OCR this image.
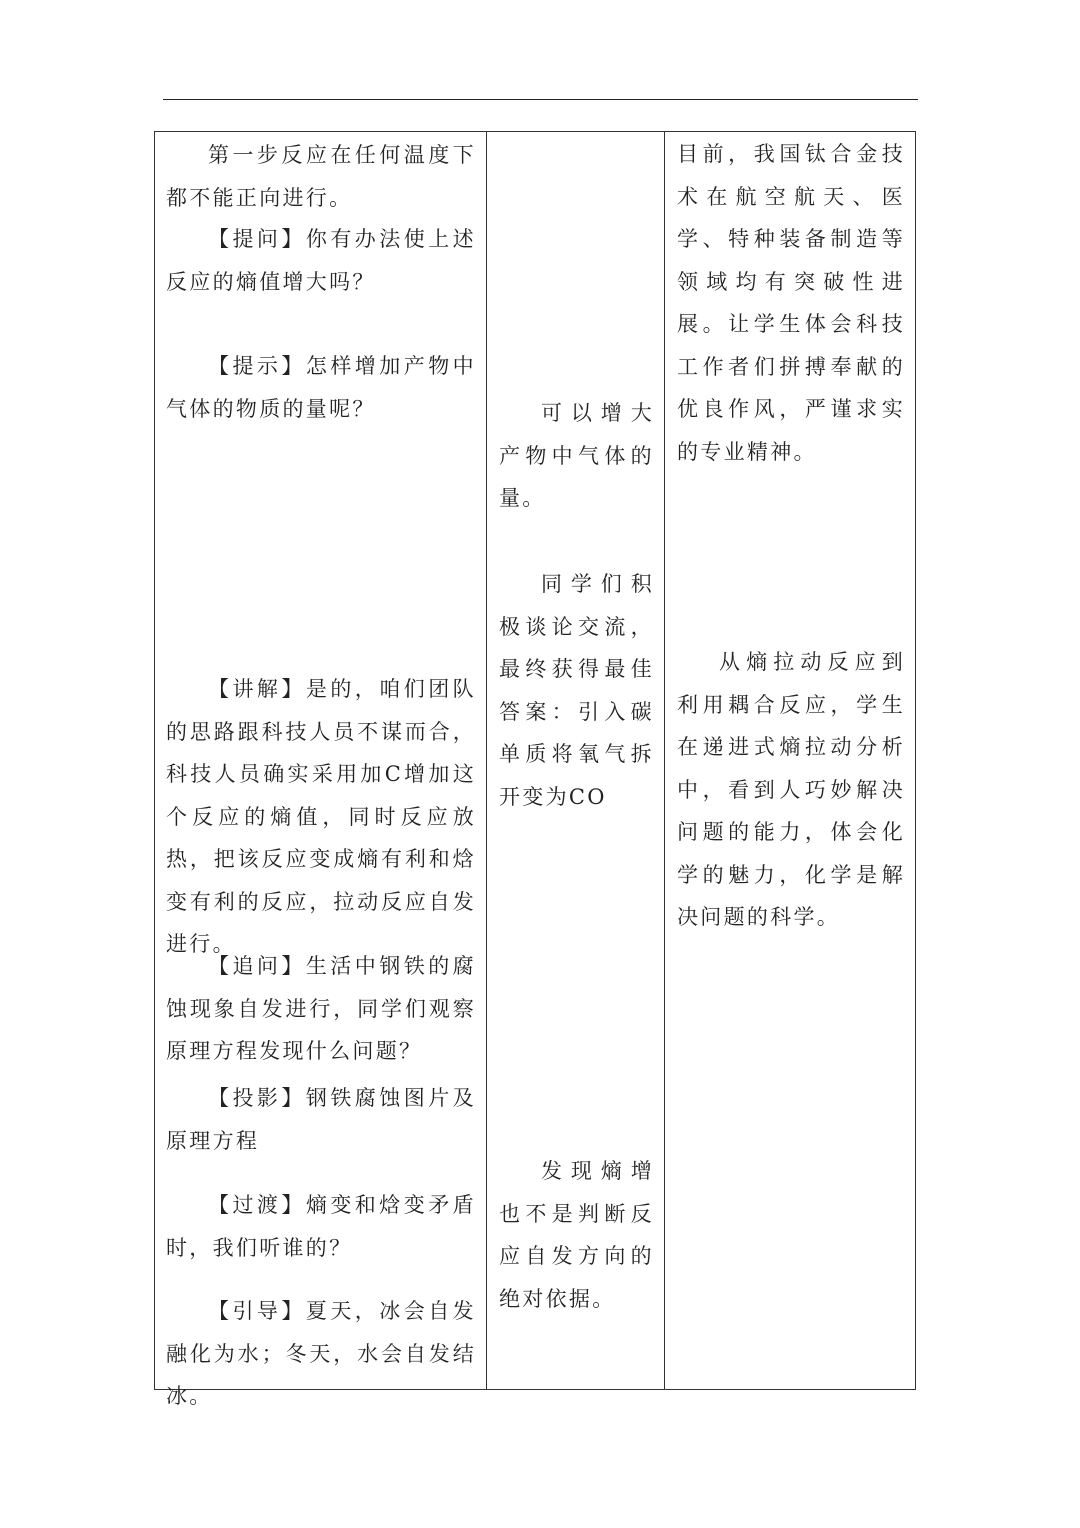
第一步反应在任何温度下都不能正向进行。

【提问】你有办法使上述反应的熵值增大吗？

【提示】怎样增加产物中气体的物质的量呢？

【讲解】是的，咱们团队的思路跟科技人员不谋而合，科技人员确实采用加C增加这个反应的熵值，同时反应放热，把该反应变成熵有利和焓变有利的反应，拉动反应自发进行。

【追问】生活中钢铁的腐蚀现象自发进行，同学们观察原理方程发现什么问题？

【投影】钢铁腐蚀图片及原理方程

【过渡】熵变和焓变矛盾时，我们听谁的？

【引导】夏天，冰会自发融化为水；冬天，水会自发结冰。

可以增大产物中气体的量。

同学们积极谈论交流，最终获得最佳答案：引入碳单质将氧气拆开变为CO

发现熵增也不是判断反应自发方向的绝对依据。

目前，我国钛合金技术在航空航天、医学、特种装备制造等领域均有突破性进展。让学生体会科技工作者们拼搏奉献的优良作风，严谨求实的专业精神。

从熵拉动反应到利用耦合反应，学生在递进式熵拉动分析中，看到人巧妙解决问题的能力，体会化学的魅力，化学是解决问题的科学。
